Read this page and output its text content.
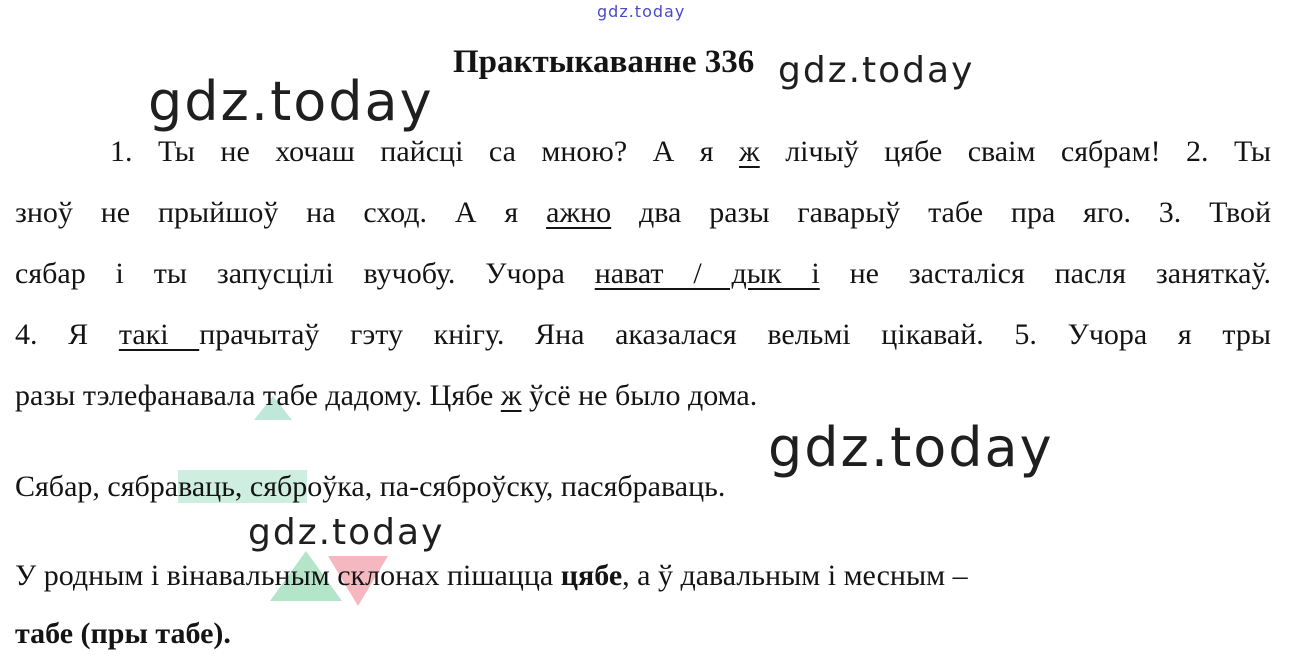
gdz.today
gdz.today
gdz.today
gdz.today
gdz.today
Практыкаванне 336
1. Ты не хочаш пайсці са мною? А я ж лічыў цябе сваім сябрам! 2. Ты
зноў не прыйшоў на сход. А я ажно два разы гаварыў табе пра яго. 3. Твой
сябар і ты запусцілі вучобу. Учора нават / дык і не засталіся пасля заняткаў.
4. Я такі прачытаў гэту кнігу. Яна аказалася вельмі цікавай. 5. Учора я тры
разы тэлефанавала табе дадому. Цябе ж ўсё не было дома.
Сябар, сябраваць, сяброўка, па-сяброўску, пасябраваць.
У родным і вінавальным склонах пішацца цябе, а ў давальным і месным –
табе (пры табе).
